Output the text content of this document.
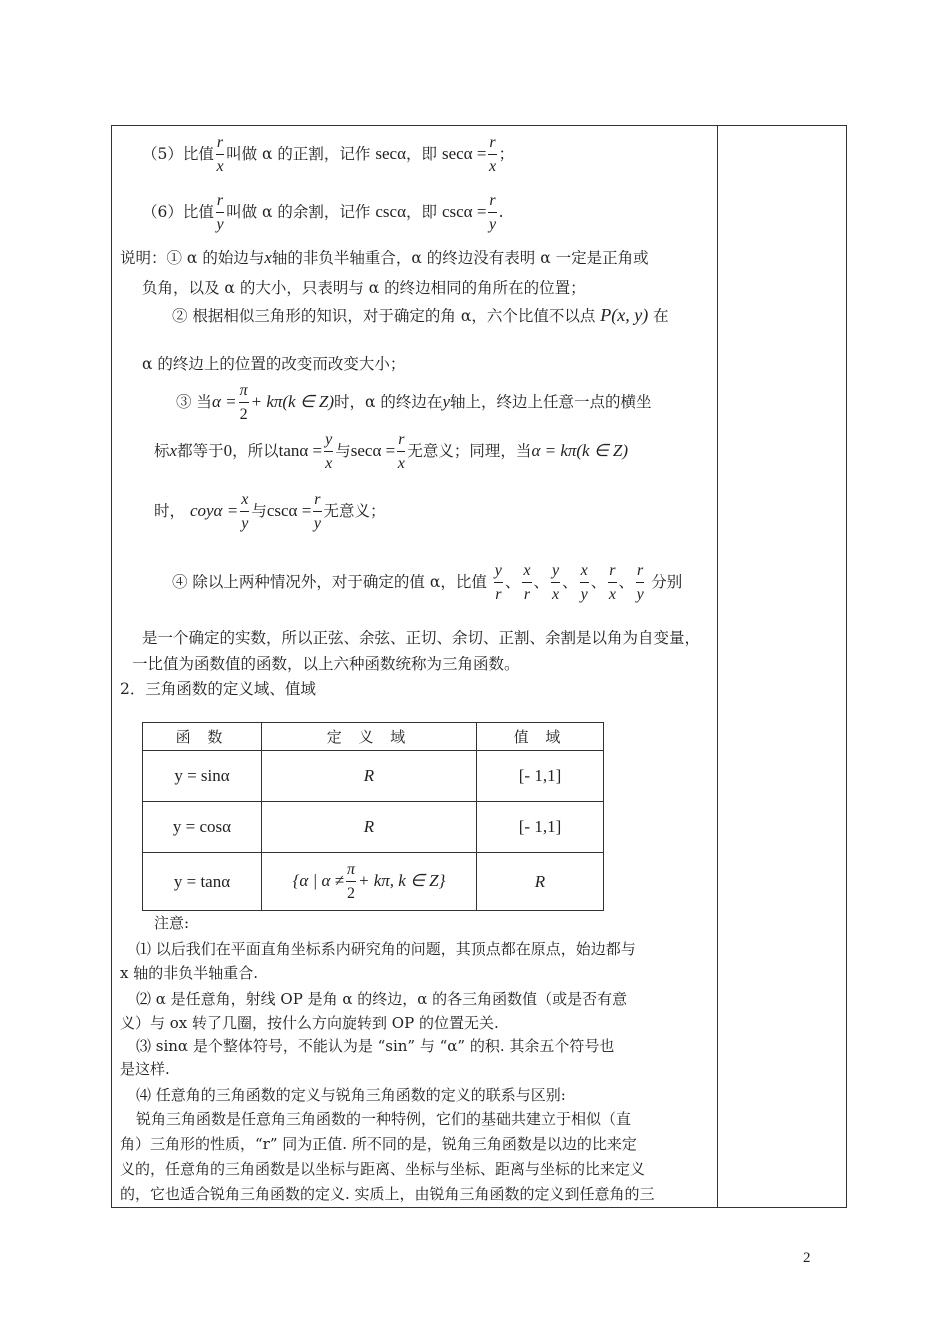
（5）比值 $\frac{r}{x}$ 叫做 α 的正割，记作 secα，即 $\sec\alpha = \frac{r}{x}$ ；
（6）比值 $\frac{r}{y}$ 叫做 α 的余割，记作 cscα，即 $\csc\alpha = \frac{r}{y}$ .
说明：① α 的始边与x轴的非负半轴重合，α 的终边没有表明 α 一定是正角或
负角，以及 α 的大小，只表明与 α 的终边相同的角所在的位置；
② 根据相似三角形的知识，对于确定的角 α，六个比值不以点 P(x, y) 在
α 的终边上的位置的改变而改变大小；
③ 当$\alpha = \frac{\pi}{2} + k\pi(k$ ∈ Z)时，α 的终边在y轴上，终边上任意一点的横坐
标x都等于0，所以$\tan\alpha = \frac{y}{x}$ 与$\sec\alpha = \frac{r}{x}$ 无意义；同理，当α = kπ(k ∈ Z)
时， $coy\alpha = \frac{x}{y}$ 与$\csc\alpha = \frac{r}{y}$ 无意义；
④ 除以上两种情况外，对于确定的值 α，比值 $\frac{y}{r}$ 、 $\frac{x}{r}$ 、 $\frac{y}{x}$ 、 $\frac{x}{y}$ 、 $\frac{r}{x}$ 、 $\frac{r}{y}$ 分别
是一个确定的实数，所以正弦、余弦、正切、余切、正割、余割是以角为自变量，
一比值为函数值的函数，以上六种函数统称为三角函数。
2．三角函数的定义域、值域
函 数	定 义 域	值 域
y = sinα	R	[- 1,1]
y = cosα	R	[- 1,1]
y = tanα	{α | $\alpha \ne \frac{\pi}{2} + k\pi$, k ∈ Z}	R
注意:
⑴ 以后我们在平面直角坐标系内研究角的问题，其顶点都在原点，始边都与
x 轴的非负半轴重合.
⑵ α 是任意角，射线 OP 是角 α 的终边，α 的各三角函数值（或是否有意
义）与 ox 转了几圈，按什么方向旋转到 OP 的位置无关.
⑶ sinα 是个整体符号，不能认为是 “sin” 与 “α” 的积. 其余五个符号也
是这样.
⑷ 任意角的三角函数的定义与锐角三角函数的定义的联系与区别:
锐角三角函数是任意角三角函数的一种特例，它们的基础共建立于相似（直
角）三角形的性质，“r” 同为正值. 所不同的是，锐角三角函数是以边的比来定
义的，任意角的三角函数是以坐标与距离、坐标与坐标、距离与坐标的比来定义
的，它也适合锐角三角函数的定义. 实质上，由锐角三角函数的定义到任意角的三
2
